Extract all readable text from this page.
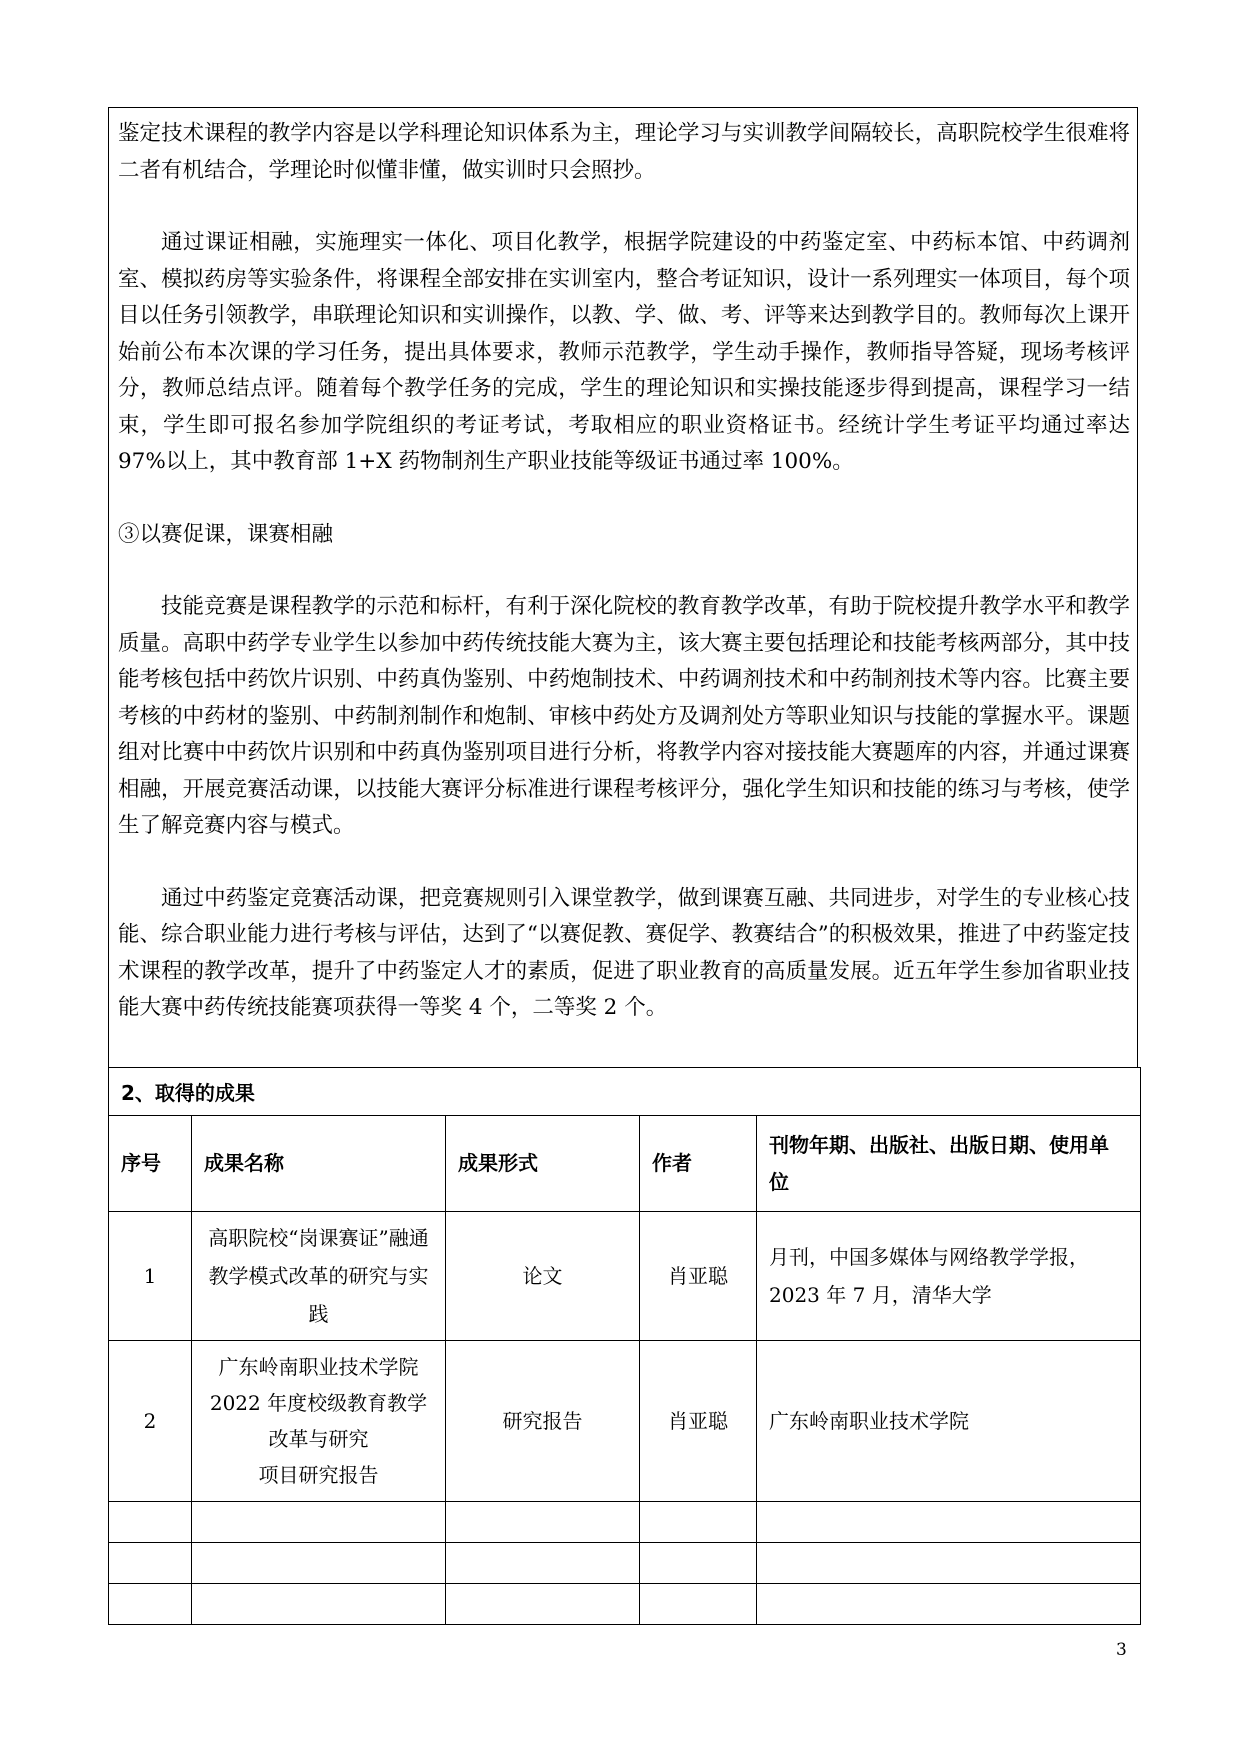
鉴定技术课程的教学内容是以学科理论知识体系为主，理论学习与实训教学间隔较长，高职院校学生很难将二者有机结合，学理论时似懂非懂，做实训时只会照抄。

通过课证相融，实施理实一体化、项目化教学，根据学院建设的中药鉴定室、中药标本馆、中药调剂室、模拟药房等实验条件，将课程全部安排在实训室内，整合考证知识，设计一系列理实一体项目，每个项目以任务引领教学，串联理论知识和实训操作，以教、学、做、考、评等来达到教学目的。教师每次上课开始前公布本次课的学习任务，提出具体要求，教师示范教学，学生动手操作，教师指导答疑，现场考核评分，教师总结点评。随着每个教学任务的完成，学生的理论知识和实操技能逐步得到提高，课程学习一结束，学生即可报名参加学院组织的考证考试，考取相应的职业资格证书。经统计学生考证平均通过率达 97%以上，其中教育部 1+X 药物制剂生产职业技能等级证书通过率 100%。

③以赛促课，课赛相融

技能竞赛是课程教学的示范和标杆，有利于深化院校的教育教学改革，有助于院校提升教学水平和教学质量。高职中药学专业学生以参加中药传统技能大赛为主，该大赛主要包括理论和技能考核两部分，其中技能考核包括中药饮片识别、中药真伪鉴别、中药炮制技术、中药调剂技术和中药制剂技术等内容。比赛主要考核的中药材的鉴别、中药制剂制作和炮制、审核中药处方及调剂处方等职业知识与技能的掌握水平。课题组对比赛中中药饮片识别和中药真伪鉴别项目进行分析，将教学内容对接技能大赛题库的内容，并通过课赛相融，开展竞赛活动课，以技能大赛评分标准进行课程考核评分，强化学生知识和技能的练习与考核，使学生了解竞赛内容与模式。

通过中药鉴定竞赛活动课，把竞赛规则引入课堂教学，做到课赛互融、共同进步，对学生的专业核心技能、综合职业能力进行考核与评估，达到了“以赛促教、赛促学、教赛结合”的积极效果，推进了中药鉴定技术课程的教学改革，提升了中药鉴定人才的素质，促进了职业教育的高质量发展。近五年学生参加省职业技能大赛中药传统技能赛项获得一等奖 4 个，二等奖 2 个。

2、取得的成果				
序号	成果名称	成果形式	作者	刊物年期、出版社、出版日期、使用单位
1	高职院校“岗课赛证”融通教学模式改革的研究与实践	论文	肖亚聪	月刊，中国多媒体与网络教学学报，2023 年 7 月，清华大学
2	广东岭南职业技术学院
2022 年度校级教育教学
改革与研究
项目研究报告	研究报告	肖亚聪	广东岭南职业技术学院

3
